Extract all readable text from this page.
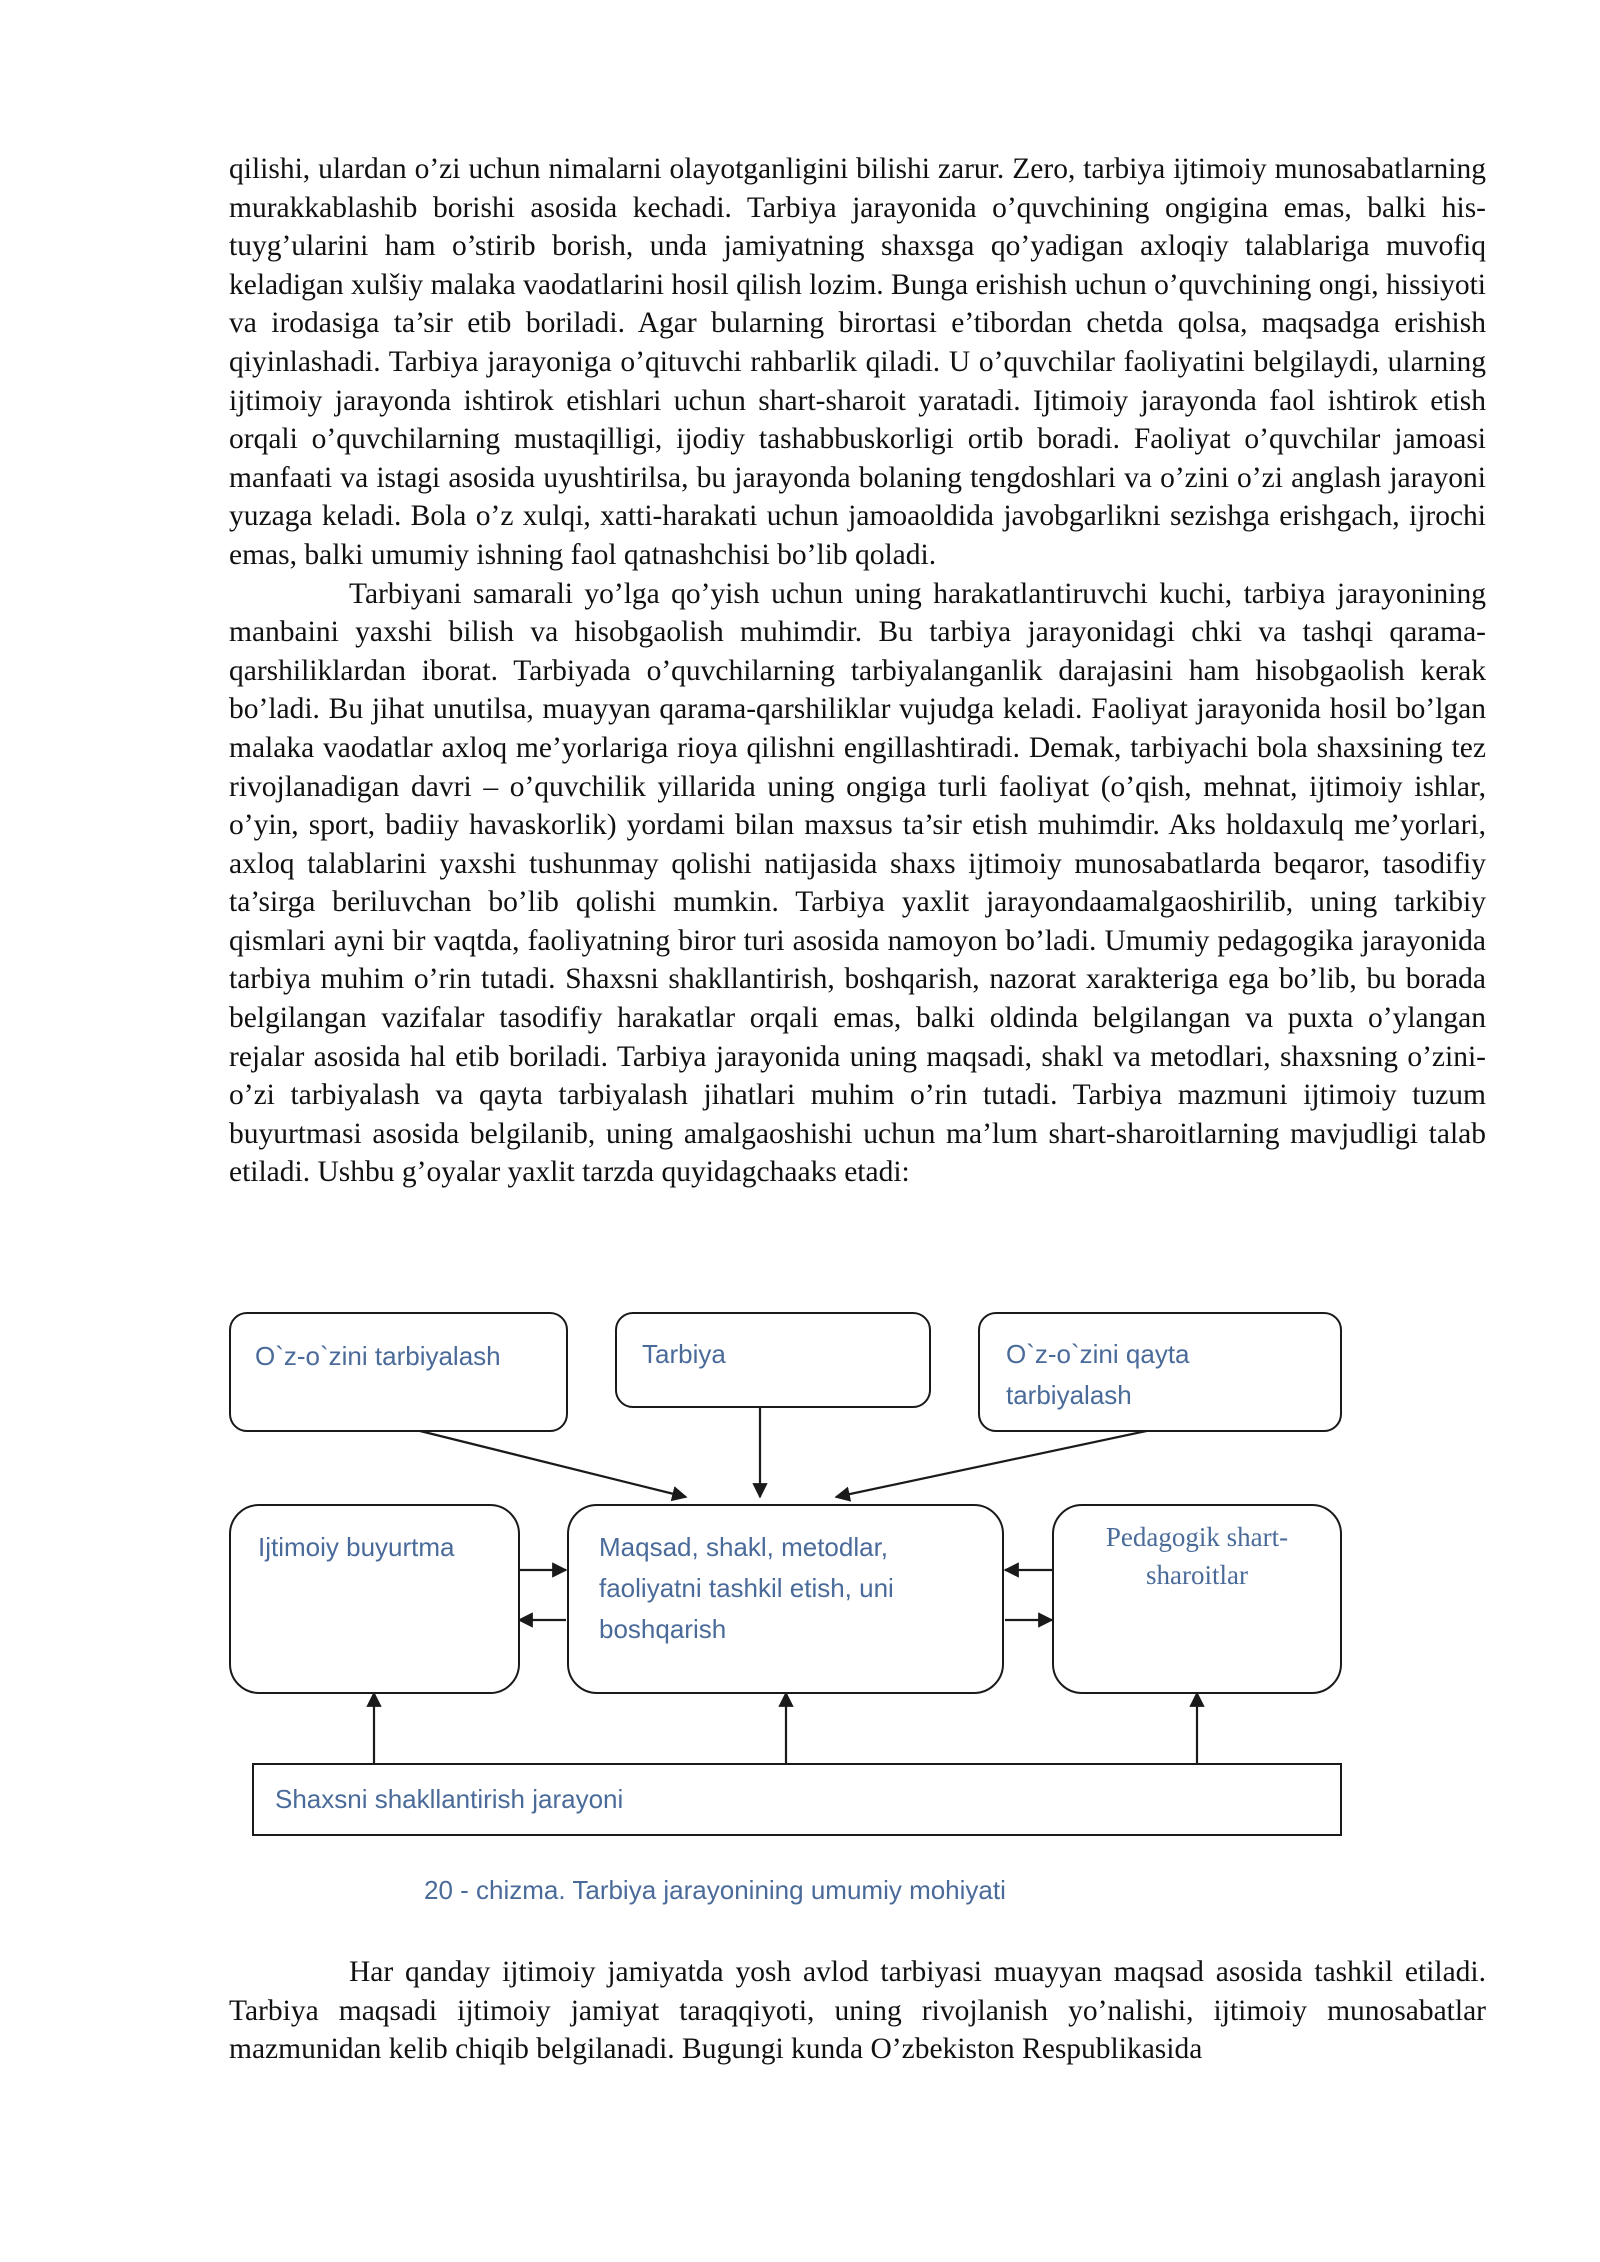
qilishi, ulardan o’zi uchun nimalarni olayotganligini bilishi zarur. Zero, tarbiya ijtimoiy munosabatlarning murakkablashib borishi asosida kechadi. Tarbiya jarayonida o’quvchining ongigina emas, balki his-tuyg’ularini ham o’stirib borish, unda jamiyatning shaxsga qo’yadigan axloqiy talablariga muvofiq keladigan xulšiy malaka vaodatlarini hosil qilish lozim. Bunga erishish uchun o’quvchining ongi, hissiyoti va irodasiga ta’sir etib boriladi. Agar bularning birortasi e’tibordan chetda qolsa, maqsadga erishish qiyinlashadi. Tarbiya jarayoniga o’qituvchi rahbarlik qiladi. U o’quvchilar faoliyatini belgilaydi, ularning ijtimoiy jarayonda ishtirok etishlari uchun shart-sharoit yaratadi. Ijtimoiy jarayonda faol ishtirok etish orqali o’quvchilarning mustaqilligi, ijodiy tashabbuskorligi ortib boradi. Faoliyat o’quvchilar jamoasi manfaati va istagi asosida uyushtirilsa, bu jarayonda bolaning tengdoshlari va o’zini o’zi anglash jarayoni yuzaga keladi. Bola o’z xulqi, xatti-harakati uchun jamoaoldida javobgarlikni sezishga erishgach, ijrochi emas, balki umumiy ishning faol qatnashchisi bo’lib qoladi.

Tarbiyani samarali yo’lga qo’yish uchun uning harakatlantiruvchi kuchi, tarbiya jarayonining manbaini yaxshi bilish va hisobgaolish muhimdir. Bu tarbiya jarayonidagi chki va tashqi qarama-qarshiliklardan iborat. Tarbiyada o’quvchilarning tarbiyalanganlik darajasini ham hisobgaolish kerak bo’ladi. Bu jihat unutilsa, muayyan qarama-qarshiliklar vujudga keladi. Faoliyat jarayonida hosil bo’lgan malaka vaodatlar axloq me’yorlariga rioya qilishni engillashtiradi. Demak, tarbiyachi bola shaxsining tez rivojlanadigan davri – o’quvchilik yillarida uning ongiga turli faoliyat (o’qish, mehnat, ijtimoiy ishlar, o’yin, sport, badiiy havaskorlik) yordami bilan maxsus ta’sir etish muhimdir. Aks holdaxulq me’yorlari, axloq talablarini yaxshi tushunmay qolishi natijasida shaxs ijtimoiy munosabatlarda beqaror, tasodifiy ta’sirga beriluvchan bo’lib qolishi mumkin. Tarbiya yaxlit jarayondaamalgaoshirilib, uning tarkibiy qismlari ayni bir vaqtda, faoliyatning biror turi asosida namoyon bo’ladi. Umumiy pedagogika jarayonida tarbiya muhim o’rin tutadi. Shaxsni shakllantirish, boshqarish, nazorat xarakteriga ega bo’lib, bu borada belgilangan vazifalar tasodifiy harakatlar orqali emas, balki oldinda belgilangan va puxta o’ylangan rejalar asosida hal etib boriladi. Tarbiya jarayonida uning maqsadi, shakl va metodlari, shaxsning o’zini-o’zi tarbiyalash va qayta tarbiyalash jihatlari muhim o’rin tutadi. Tarbiya mazmuni ijtimoiy tuzum buyurtmasi asosida belgilanib, uning amalgaoshishi uchun ma’lum shart-sharoitlarning mavjudligi talab etiladi. Ushbu g’oyalar yaxlit tarzda quyidagchaaks etadi:

O`z-o`zini tarbiyalash	Tarbiya	O`z-o`zini qayta
tarbiyalash
Ijtimoiy buyurtma	Maqsad, shakl, metodlar,
faoliyatni tashkil etish, uni
boshqarish
Pedagogik shart-
sharoitlar
Shaxsni shakllantirish jarayoni
20 - chizma. Tarbiya jarayonining umumiy mohiyati

Har qanday ijtimoiy jamiyatda yosh avlod tarbiyasi muayyan maqsad asosida tashkil etiladi. Tarbiya maqsadi ijtimoiy jamiyat taraqqiyoti, uning rivojlanish yo’nalishi, ijtimoiy munosabatlar mazmunidan kelib chiqib belgilanadi. Bugungi kunda O’zbekiston Respublikasida
